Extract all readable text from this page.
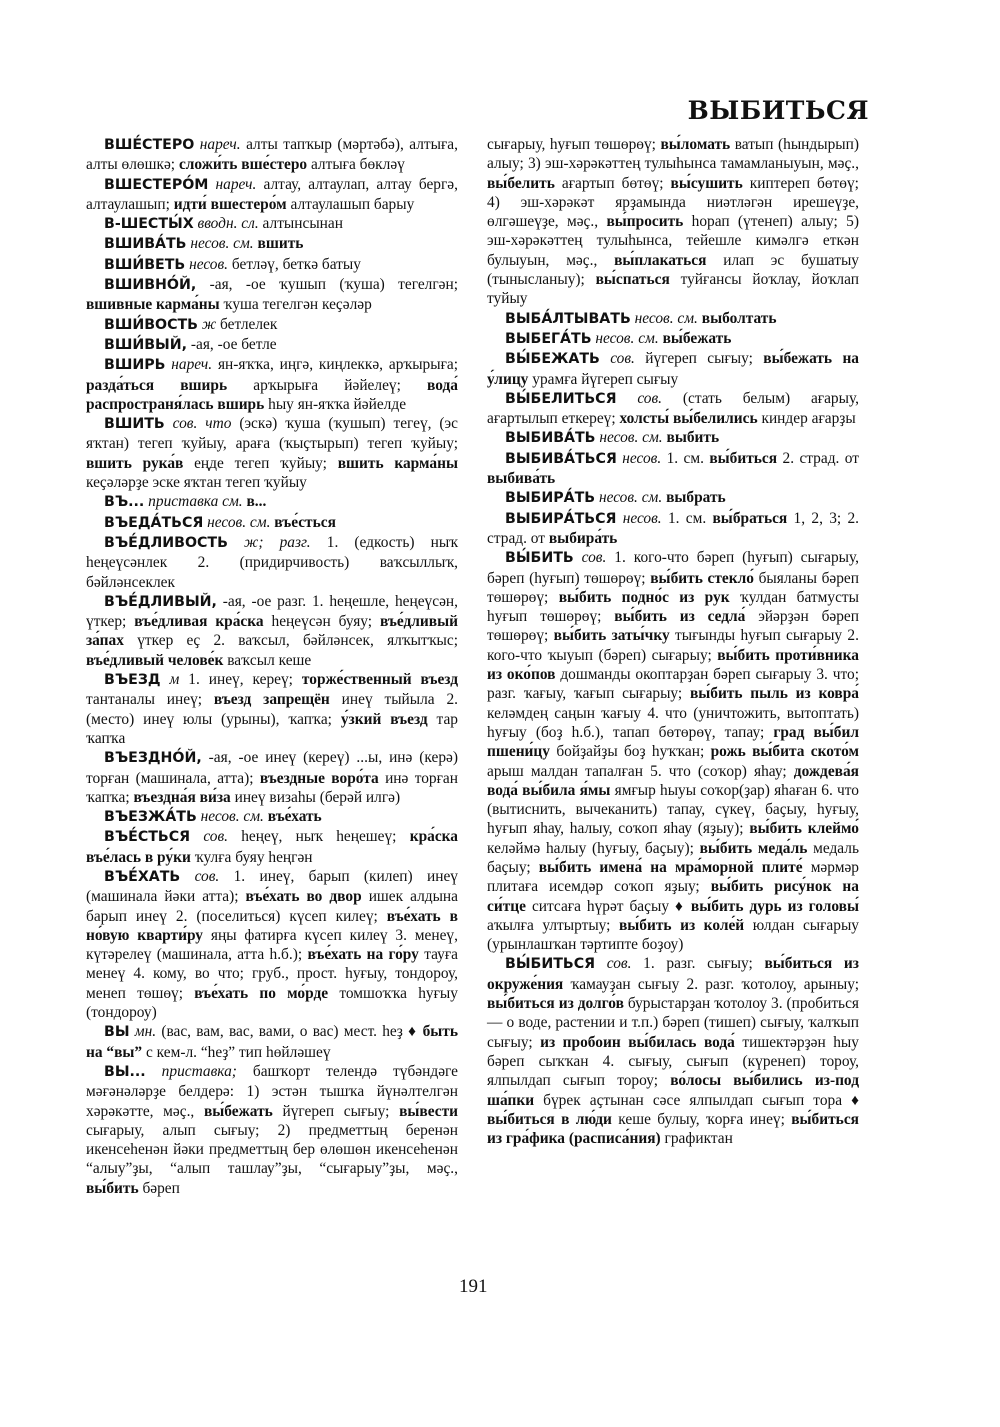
ВЫБИТЬСЯ

ВШЕ́СТЕРО нареч. алты тапҡыр (мәртәбә), алтыға, алты өлөшкә; сложи́ть вше́стеро алтыға бөкләү

ВШЕСТЕРО́М нареч. алтау, алтаулап, алтау бергә, алтаулашып; идти́ вшестеро́м алтаулашып барыу

В-ШЕСТЫ́Х вводн. сл. алтынсынан

ВШИВА́ТЬ несов. см. вшить

ВШИ́ВЕТЬ несов. бетләү, беткә батыу

ВШИВНО́Й, -ая, -ое ҡушып (ҡуша) тегелгән; вшивные карма́ны ҡуша тегелгән кеҫәләр

ВШИ́ВОСТЬ ж бетлелек

ВШИ́ВЫЙ, -ая, -ое бетле

ВШИРЬ нареч. ян-яҡҡа, иңгә, киңлеккә, арҡырыға; разда́ться вширь арҡырыға йәйелеү; вода́ распространя́лась вширь һыу ян-яҡҡа йәйелде

ВШИТЬ сов. что (эскә) ҡуша (ҡушып) тегеү, (эс яҡтан) тегеп ҡуйыу, араға (ҡыҫтырып) тегеп ҡуйыу; вшить рука́в еңде тегеп ҡуйыу; вшить карма́ны кеҫәләрҙе эске яҡтан тегеп ҡуйыу

ВЪ... приставка см. в...

ВЪЕДА́ТЬСЯ несов. см. въе́сться

ВЪЕ́ДЛИВОСТЬ ж; разг. 1. (едкость) ныҡ һеңеүсәнлек 2. (придирчивость) ваҡсыллыҡ, бәйләнсеклек

ВЪЕ́ДЛИВЫЙ, -ая, -ое разг. 1. һеңешле, һеңеүсән, үткер; въе́дливая кра́ска һеңеүсән буяу; въе́дливый за́пах үткер еҫ 2. ваҡсыл, бәйләнсек, ялҡытҡыс; въе́дливый челове́к ваҡсыл кеше

ВЪЕЗД м 1. инеү, кереү; торже́ственный въезд тантаналы инеү; въезд запрещён инеү тыйыла 2. (место) инеү юлы (урыны), ҡапҡа; у́зкий въезд тар ҡапҡа

ВЪЕЗДНО́Й, -ая, -ое инеү (кереү) ...ы, инә (керә) торған (машинала, атта); въездные воро́та инә торған ҡапҡа; въездна́я ви́за инеү визаһы (берәй илгә)

ВЪЕЗЖА́ТЬ несов. см. въе́хать

ВЪЕ́СТЬСЯ сов. һеңеү, ныҡ һеңешеү; кра́ска въе́лась в ру́ки ҡулға буяу һеңгән

ВЪЕ́ХАТЬ сов. 1. инеү, барып (килеп) инеү (машинала йәки атта); въе́хать во двор ишек алдына барып инеү 2. (поселиться) күсеп килеү; въе́хать в но́вую кварти́ру яңы фатирға күсеп килеү 3. менеү, күтәрелеү (машинала, атта һ.б.); въе́хать на го́ру тауға менеү 4. кому, во что; груб., прост. һуғыу, тондороу, менеп төшөү; въе́хать по мо́рде томшоҡҡа һуғыу (тондороу)

ВЫ мн. (вас, вам, вас, вами, о вас) мест. һеҙ ♦ быть на “вы” с кем-л. “һеҙ” тип һөйләшеү

ВЫ... приставка; башҡорт телендә түбәндәге мәғәнәләрҙе белдерә: 1) эстән тышҡа йүнәлтелгән хәрәкәтте, мәҫ., вы́бежать йүгереп сығыу; вы́вести сығарыу, алып сығыу; 2) предметтың беренән икенсеһенән йәки предметтың бер өлөшөн икенсеһенән “алыу”ҙы, “алып ташлау”ҙы, “сығарыу”ҙы, мәҫ., вы́бить бәреп

сығарыу, һуғып төшөрөү; вы́ломать ватып (һындырып) алыу; 3) эш-хәрәкәттең тулыһынса тамамланыуын, мәҫ., вы́белить ағартып бөтөү; вы́сушить киптереп бөтөү; 4) эш-хәрәкәт ярҙамында ниәтләгән ирешеүҙе, өлгәшеүҙе, мәҫ., вы́просить һорап (үтенеп) алыу; 5) эш-хәрәкәттең тулыһынса, тейешле кимәлгә еткән булыуын, мәҫ., вы́плакаться илап эс бушатыу (тынысланыу); вы́спаться туйғансы йоҡлау, йоҡлап туйыу

ВЫБА́ЛТЫВАТЬ несов. см. выболтать

ВЫБЕГА́ТЬ несов. см. вы́бежать

ВЫ́БЕЖАТЬ сов. йүгереп сығыу; вы́бежать на у́лицу урамға йүгереп сығыу

ВЫ́БЕЛИТЬСЯ сов. (стать белым) ағарыу, ағартылып еткереү; холсты́ вы́белились киндер ағарҙы

ВЫБИВА́ТЬ несов. см. выбить

ВЫБИВА́ТЬСЯ несов. 1. см. вы́биться 2. страд. от выбива́ть

ВЫБИРА́ТЬ несов. см. выбрать

ВЫБИРА́ТЬСЯ несов. 1. см. вы́браться 1, 2, 3; 2. страд. от выбира́ть

ВЫ́БИТЬ сов. 1. кого-что бәреп (һуғып) сығарыу, бәреп (һуғып) төшөрөү; вы́бить стекло́ быяланы бәреп төшөрөү; вы́бить подно́с из рук ҡулдан батмусты һуғып төшөрөү; вы́бить из седла́ эйәрҙән бәреп төшөрөү; вы́бить заты́чку тығынды һуғып сығарыу 2. кого-что ҡыуып (бәреп) сығарыу; вы́бить проти́вника из око́пов дошманды окоптарҙан бәреп сығарыу 3. что; разг. ҡағыу, ҡағып сығарыу; вы́бить пыль из ковра́ келәмдең саңын ҡағыу 4. что (уничтожить, вытоптать) һуғыу (боҙ һ.б.), тапап бөтөрөү, тапау; град вы́бил пшени́цу бойҙайҙы боҙ һуҡҡан; рожь вы́бита ското́м арыш малдан тапалған 5. что (соҡор) яһау; дождева́я вода́ вы́била я́мы ямғыр һыуы соҡор(ҙар) яһаған 6. что (вытиснить, вычеканить) тапау, сүкеү, баҫыу, һуғыу, һуғып яһау, һалыу, соҡоп яһау (яҙыу); вы́бить клеймо́ келәймә һалыу (һуғыу, баҫыу); вы́бить меда́ль медаль баҫыу; вы́бить имена́ на мра́морной плите́ мәрмәр плитаға исемдәр соҡоп яҙыу; вы́бить рису́нок на си́тце ситсаға һүрәт баҫыу ♦ вы́бить дурь из головы́ аҡылға ултыртыу; вы́бить из коле́й юлдан сығарыу (урынлашҡан тәртипте боҙоу)

ВЫ́БИТЬСЯ сов. 1. разг. сығыу; вы́биться из окруже́ния ҡамауҙан сығыу 2. разг. ҡотолоу, арыныу; вы́биться из долго́в бурыстарҙан ҡотолоу 3. (пробиться — о воде, растении и т.п.) бәреп (тишеп) сығыу, ҡалҡып сығыу; из пробоин вы́билась вода́ тишектәрҙән һыу бәреп сыҡҡан 4. сығыу, сығып (күренеп) тороу, ялпылдап сығып тороу; во́лосы вы́бились из-под ша́пки бүрек аҫтынан сәсе ялпылдап сығып тора ♦ вы́биться в лю́ди кеше булыу, ҡорға инеү; вы́биться из гра́фика (расписа́ния) графиктан

191
